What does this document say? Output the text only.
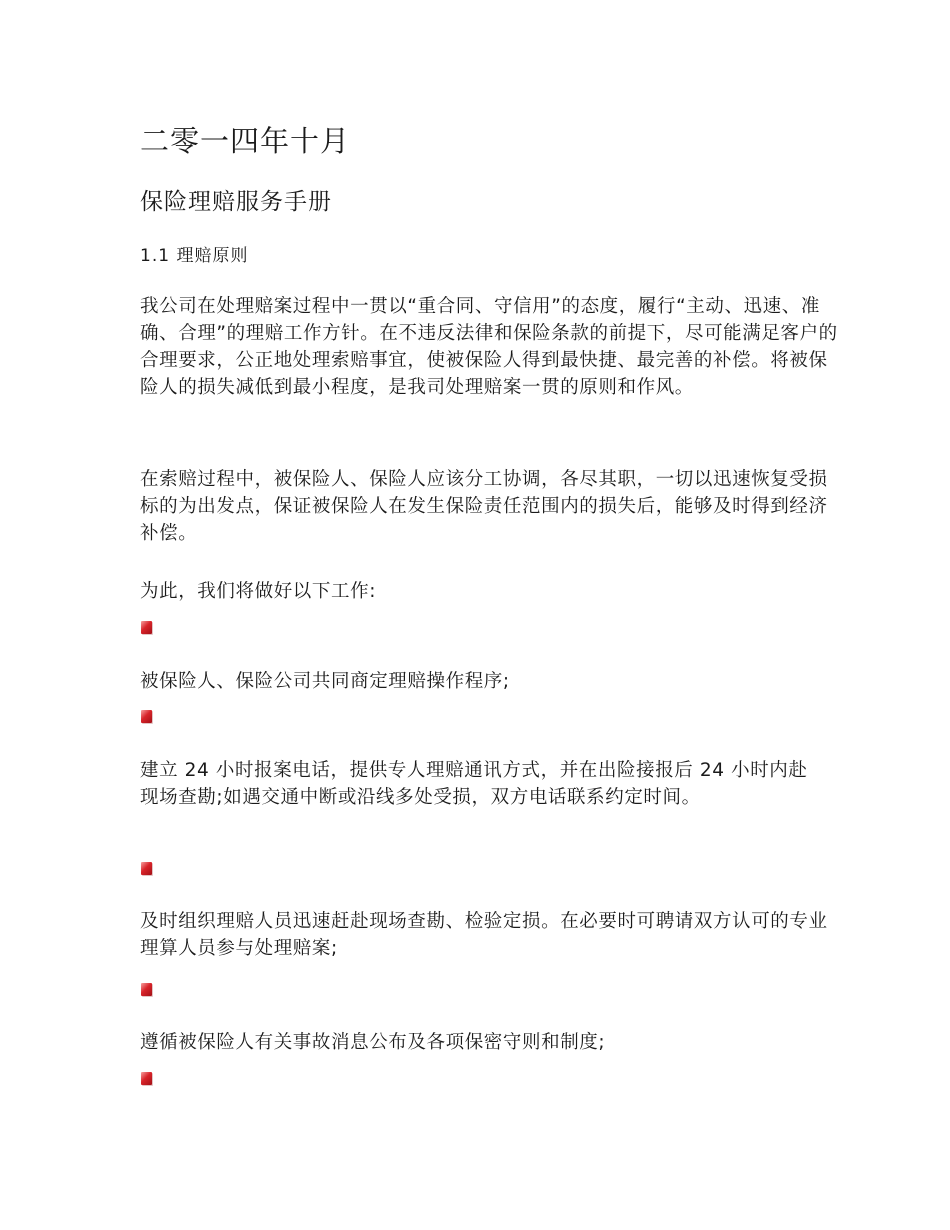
二零一四年十月
保险理赔服务手册
1.1 理赔原则

我公司在处理赔案过程中一贯以“重合同、守信用”的态度，履行“主动、迅速、准确、合理”的理赔工作方针。在不违反法律和保险条款的前提下，尽可能满足客户的合理要求，公正地处理索赔事宜，使被保险人得到最快捷、最完善的补偿。将被保险人的损失减低到最小程度，是我司处理赔案一贯的原则和作风。

在索赔过程中，被保险人、保险人应该分工协调，各尽其职，一切以迅速恢复受损标的为出发点，保证被保险人在发生保险责任范围内的损失后，能够及时得到经济补偿。

为此，我们将做好以下工作:

被保险人、保险公司共同商定理赔操作程序;

建立 24 小时报案电话，提供专人理赔通讯方式，并在出险接报后 24 小时内赴现场查勘;如遇交通中断或沿线多处受损，双方电话联系约定时间。

及时组织理赔人员迅速赶赴现场查勘、检验定损。在必要时可聘请双方认可的专业理算人员参与处理赔案;

遵循被保险人有关事故消息公布及各项保密守则和制度;
